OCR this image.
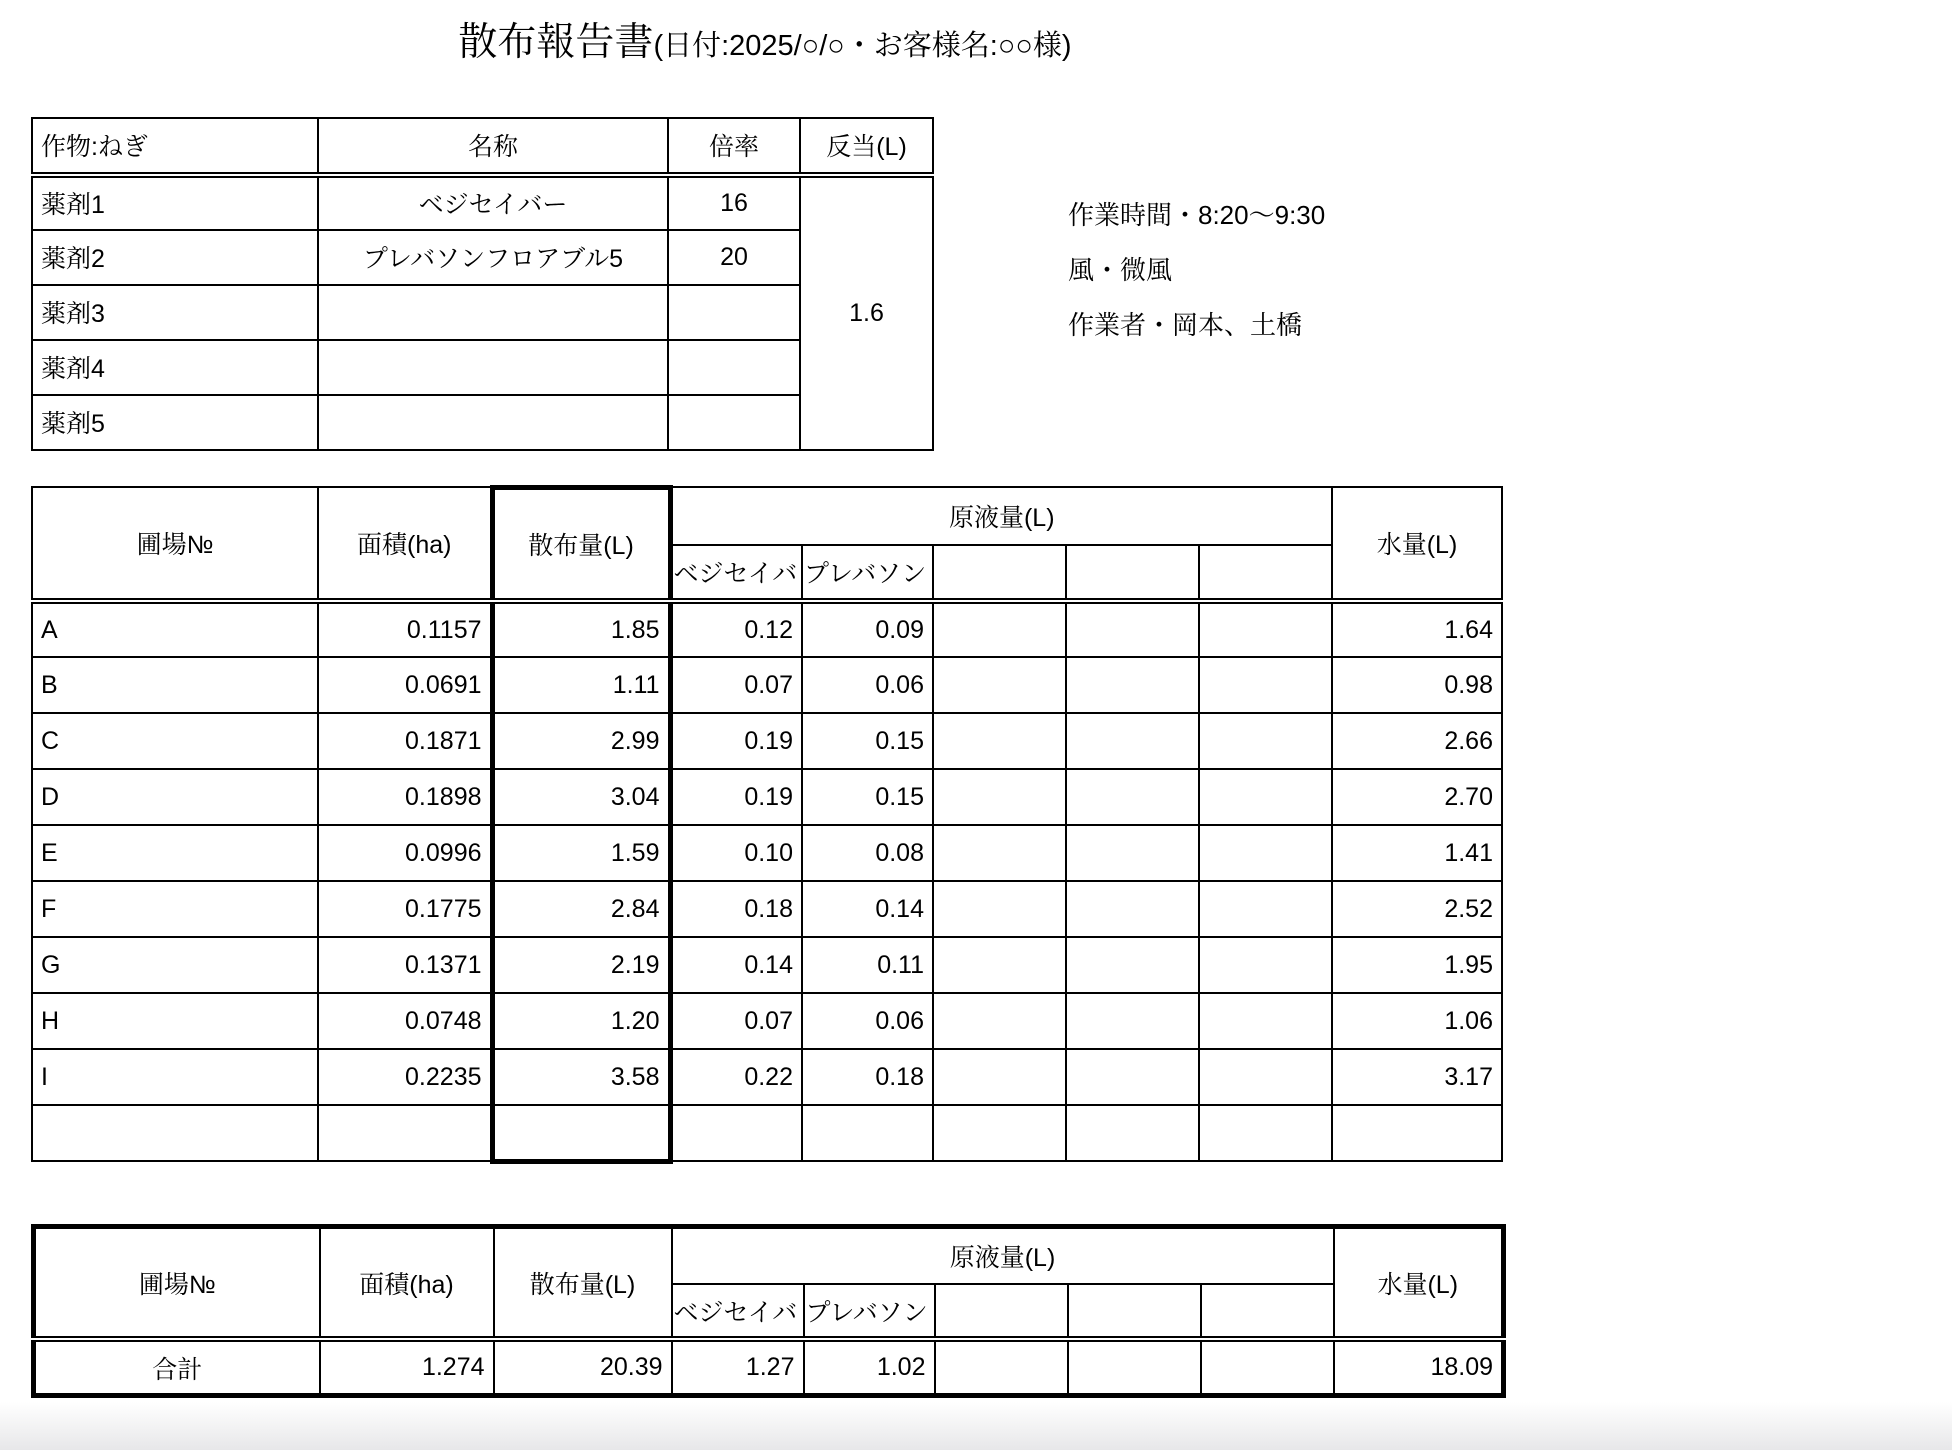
散布報告書(日付:2025/○/○・お客様名:○○様)
作物:ねぎ	名称	倍率	反当(L)
薬剤1	ベジセイバー	16	1.6
薬剤2	プレバソンフロアブル5	20	
薬剤3			
薬剤4			
薬剤5			
作業時間・8:20〜9:30
風・微風
作業者・岡本、土橋
圃場№	面積(ha)	散布量(L)	原液量(L)					水量(L)
			ベジセイバ	プレバソン				
A	0.1157	1.85	0.12	0.09				1.64
B	0.0691	1.11	0.07	0.06				0.98
C	0.1871	2.99	0.19	0.15				2.66
D	0.1898	3.04	0.19	0.15				2.70
E	0.0996	1.59	0.10	0.08				1.41
F	0.1775	2.84	0.18	0.14				2.52
G	0.1371	2.19	0.14	0.11				1.95
H	0.0748	1.20	0.07	0.06				1.06
I	0.2235	3.58	0.22	0.18				3.17

圃場№	面積(ha)	散布量(L)	原液量(L)					水量(L)
			ベジセイバ	プレバソン				
合計	1.274	20.39	1.27	1.02				18.09
